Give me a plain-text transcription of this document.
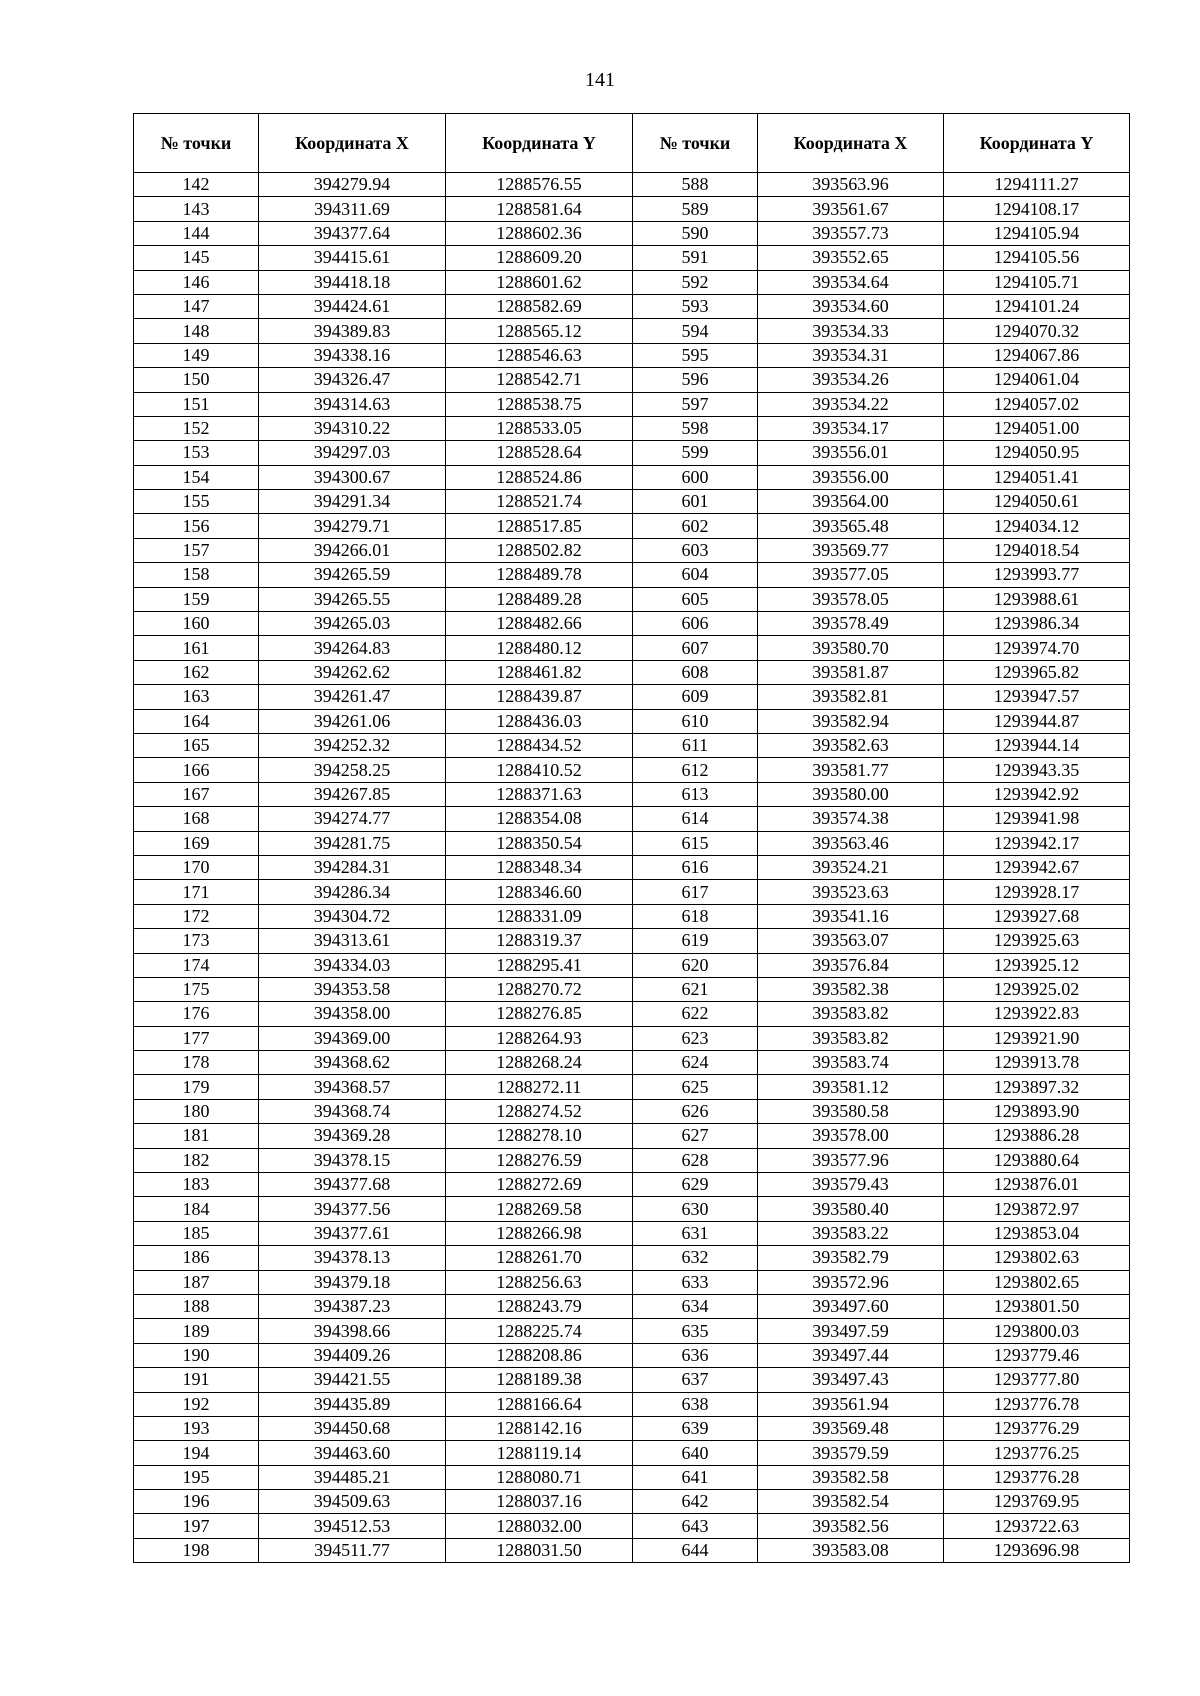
141
№ точки	Координата X	Координата Y	№ точки	Координата X	Координата Y
142	394279.94	1288576.55	588	393563.96	1294111.27
143	394311.69	1288581.64	589	393561.67	1294108.17
144	394377.64	1288602.36	590	393557.73	1294105.94
145	394415.61	1288609.20	591	393552.65	1294105.56
146	394418.18	1288601.62	592	393534.64	1294105.71
147	394424.61	1288582.69	593	393534.60	1294101.24
148	394389.83	1288565.12	594	393534.33	1294070.32
149	394338.16	1288546.63	595	393534.31	1294067.86
150	394326.47	1288542.71	596	393534.26	1294061.04
151	394314.63	1288538.75	597	393534.22	1294057.02
152	394310.22	1288533.05	598	393534.17	1294051.00
153	394297.03	1288528.64	599	393556.01	1294050.95
154	394300.67	1288524.86	600	393556.00	1294051.41
155	394291.34	1288521.74	601	393564.00	1294050.61
156	394279.71	1288517.85	602	393565.48	1294034.12
157	394266.01	1288502.82	603	393569.77	1294018.54
158	394265.59	1288489.78	604	393577.05	1293993.77
159	394265.55	1288489.28	605	393578.05	1293988.61
160	394265.03	1288482.66	606	393578.49	1293986.34
161	394264.83	1288480.12	607	393580.70	1293974.70
162	394262.62	1288461.82	608	393581.87	1293965.82
163	394261.47	1288439.87	609	393582.81	1293947.57
164	394261.06	1288436.03	610	393582.94	1293944.87
165	394252.32	1288434.52	611	393582.63	1293944.14
166	394258.25	1288410.52	612	393581.77	1293943.35
167	394267.85	1288371.63	613	393580.00	1293942.92
168	394274.77	1288354.08	614	393574.38	1293941.98
169	394281.75	1288350.54	615	393563.46	1293942.17
170	394284.31	1288348.34	616	393524.21	1293942.67
171	394286.34	1288346.60	617	393523.63	1293928.17
172	394304.72	1288331.09	618	393541.16	1293927.68
173	394313.61	1288319.37	619	393563.07	1293925.63
174	394334.03	1288295.41	620	393576.84	1293925.12
175	394353.58	1288270.72	621	393582.38	1293925.02
176	394358.00	1288276.85	622	393583.82	1293922.83
177	394369.00	1288264.93	623	393583.82	1293921.90
178	394368.62	1288268.24	624	393583.74	1293913.78
179	394368.57	1288272.11	625	393581.12	1293897.32
180	394368.74	1288274.52	626	393580.58	1293893.90
181	394369.28	1288278.10	627	393578.00	1293886.28
182	394378.15	1288276.59	628	393577.96	1293880.64
183	394377.68	1288272.69	629	393579.43	1293876.01
184	394377.56	1288269.58	630	393580.40	1293872.97
185	394377.61	1288266.98	631	393583.22	1293853.04
186	394378.13	1288261.70	632	393582.79	1293802.63
187	394379.18	1288256.63	633	393572.96	1293802.65
188	394387.23	1288243.79	634	393497.60	1293801.50
189	394398.66	1288225.74	635	393497.59	1293800.03
190	394409.26	1288208.86	636	393497.44	1293779.46
191	394421.55	1288189.38	637	393497.43	1293777.80
192	394435.89	1288166.64	638	393561.94	1293776.78
193	394450.68	1288142.16	639	393569.48	1293776.29
194	394463.60	1288119.14	640	393579.59	1293776.25
195	394485.21	1288080.71	641	393582.58	1293776.28
196	394509.63	1288037.16	642	393582.54	1293769.95
197	394512.53	1288032.00	643	393582.56	1293722.63
198	394511.77	1288031.50	644	393583.08	1293696.98
